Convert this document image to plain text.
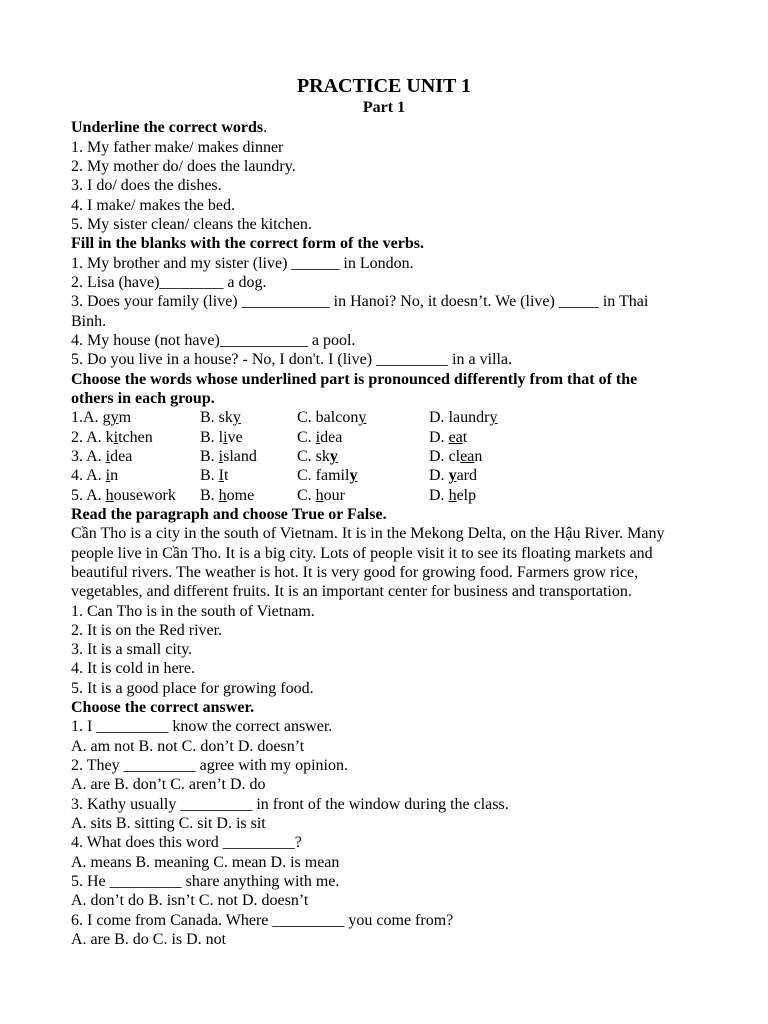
PRACTICE UNIT 1
Part 1
Underline the correct words.
1. My father make/ makes dinner
2. My mother do/ does the laundry.
3. I do/ does the dishes.
4. I make/ makes the bed.
5. My sister clean/ cleans the kitchen.
Fill in the blanks with the correct form of the verbs.
1. My brother and my sister (live) ______ in London.
2. Lisa (have)________ a dog.
3. Does your family (live) ___________ in Hanoi? No, it doesn’t. We (live) _____ in Thai
Binh.
4. My house (not have)___________ a pool.
5. Do you live in a house? - No, I don't. I (live) _________ in a villa.
Choose the words whose underlined part is pronounced differently from that of the
others in each group.
1.A. gym	B. sky	C. balcony	D. laundry
2. A. kitchen	B. live	C. idea	D. eat
3. A. idea	B. island	C. sky	D. clean
4. A. in	B. It	C. family	D. yard
5. A. housework B. home	C. hour	D. help
Read the paragraph and choose True or False.
Cần Tho is a city in the south of Vietnam. It is in the Mekong Delta, on the Hậu River. Many
people live in Cần Tho. It is a big city. Lots of people visit it to see its floating markets and
beautiful rivers. The weather is hot. It is very good for growing food. Farmers grow rice,
vegetables, and different fruits. It is an important center for business and transportation.
1. Can Tho is in the south of Vietnam.
2. It is on the Red river.
3. It is a small city.
4. It is cold in here.
5. It is a good place for growing food.
Choose the correct answer.
1. I _________ know the correct answer.
A. am not B. not C. don’t D. doesn’t
2. They _________ agree with my opinion.
A. are B. don’t C. aren’t D. do
3. Kathy usually _________ in front of the window during the class.
A. sits B. sitting C. sit D. is sit
4. What does this word _________?
A. means B. meaning C. mean D. is mean
5. He _________ share anything with me.
A. don’t do B. isn’t C. not D. doesn’t
6. I come from Canada. Where _________ you come from?
A. are B. do C. is D. not
